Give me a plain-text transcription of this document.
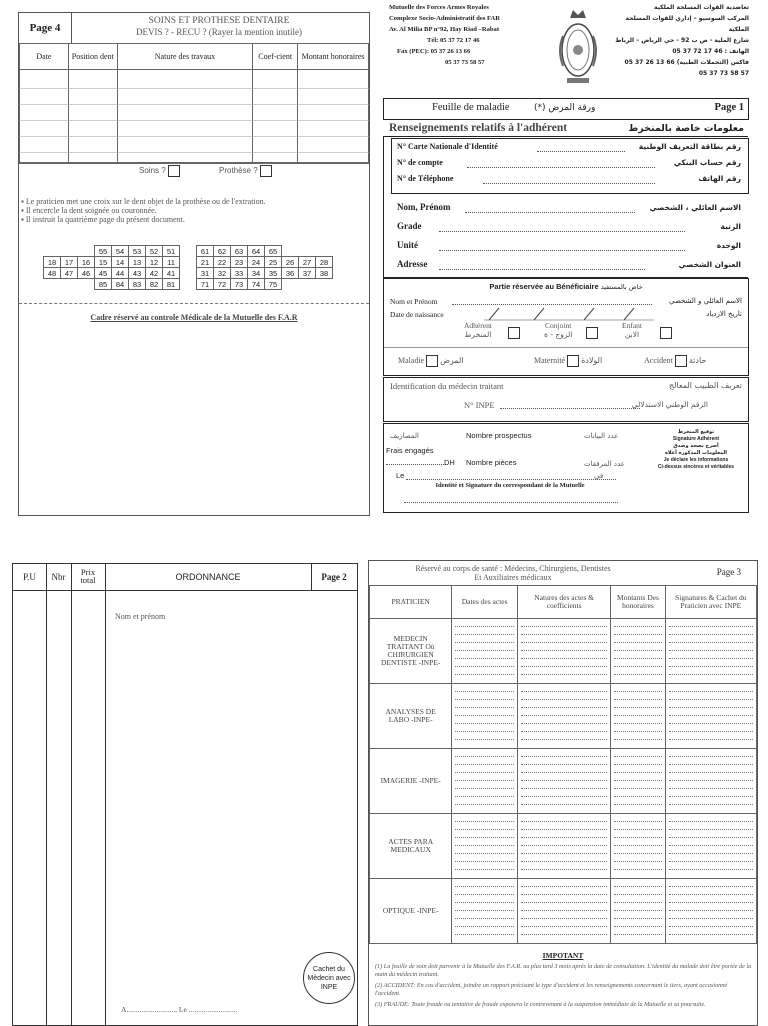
Page 4
SOINS ET PROTHESE DENTAIRE
DEVIS ? - RECU ? (Rayer la mention inutile)
Date	Position dent	Nature des travaux	Coef-cient	Montant honoraires

Soins ?	Prothèse ?
▪ Le praticien met une croix sur le dent objet de la prothèse ou de l'extration.
▪ Il encercle la dent soignée ou couronnée.
▪ Il instruit la quatrième page du présent document.
			55	54	53	52	51		61	62	63	64	65			
18	17	16	15	14	13	12	11		21	22	23	24	25	26	27	28
48	47	46	45	44	43	42	41		31	32	33	34	35	36	37	38
			85	84	83	82	81		71	72	73	74	75			
Cadre réservé au controle Médicale de la Mutuelle des F.A.R
Mutuelle des Forces Armes Royales
Complexe Socio-Administratif des FAR
Av. Al Milia BP n°92, Hay Riad –Rabat
Tél: 05 37 72 17 46
Fax (PEC): 05 37 26 13 66
05 37 73 58 57
تعاضدية القوات المسلحة الملكية
المركب السوسيو – إداري للقوات المسلحة الملكية
شارع الملية - ص ب 92 - حي الرياض – الرباط
الهاتف : 46 17 72 37 05
فاكس (التحملات الطبية) 66 13 26 37 05
57 58 73 37 05
Feuille de maladie	ورقة المرض (*)	Page 1
Renseignements relatifs à l'adhérent	معلومات خاصة بالمنخرط
N° Carte Nationale d'Identité	رقم بطاقة التعريف الوطنية
N° de compte	رقم حساب البنكي
N° de Téléphone	رقم الهاتف
Nom, Prénom	الاسم العائلي ، الشخصي
Grade	الرتبة
Unité	الوحدة
Adresse	العنوان الشخصي
Partie réservée au Bénéficiaire خاص بالمستفيد
Nom et Prénom	الاسم العائلي و الشخصي
Date de naissance	تاريخ الازدياد
Adhérent
المنخرط
Conjoint
الزوج - ة
Enfant
الابن
Maladie المرض	Maternité الولادة	Accident حادثة
Identification du médecin traitant	تعريف الطبيب المعالج
N° INPE	الرقم الوطني الاستدلالي
المصاريف	Nombre prospectus	عدد البيانات
Frais engagés
DH Nombre pièces	عدد المرفقات
Le	في
Identité et Signature du correspondant de la Mutuelle
توقيع المنخرط
Signature Adhérent
أصرح بصحة وصدق
المعلومات المذكورة أعلاه
Je déclare les informations
Ci-dessus sincères et véritables
P.U	Nbr	Prix total	ORDONNANCE	Page 2
Nom et prénom
Cachet du Médecin avec INPE
A.........................., Le ..........................
Réservé au corps de santé : Médecins, Chirurgiens, Dentistes
Et Auxiliaires médicaux
Page 3
PRATICIEN	Dates des actes	Natures des actes & coefficients	Montants Des honoraires	Signatures & Cachet du Praticien avec INPE
MEDECIN TRAITANT Où CHIRURGIEN DENTISTE -INPE-	

ANALYSES DE LABO -INPE-	

IMAGERIE -INPE-	

ACTES PARA MEDICAUX	

OPTIQUE -INPE-	

IMPOTANT
(1) La feuille de soin doit parvenir à la Mutuelle des F.A.R. au plus tard 3 mois après la date de consultation. L'identité du malade doit être portée de la main du médecin traitant.
(2) ACCIDENT: En cas d'accident, joindre un rapport précisant le type d'accident et les renseignements concernant le tiers, ayant occasionné l'accident.
(3) FRAUDE: Toute fraude ou tentative de fraude exposera le contrevenant à la suspension immédiate de la Mutuelle et sa poursuite.
